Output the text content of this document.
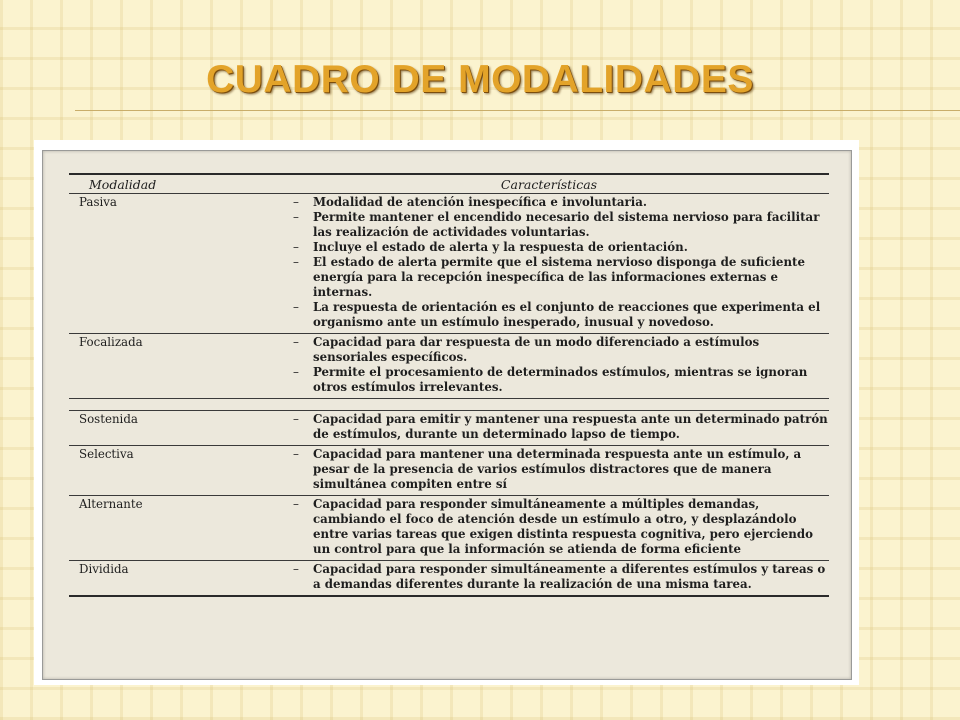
CUADRO DE MODALIDADES
Modalidad	Características
Pasiva	–	Modalidad de atención inespecífica e involuntaria.
–	Permite mantener el encendido necesario del sistema nervioso para facilitar las realización de actividades voluntarias.
–	Incluye el estado de alerta y la respuesta de orientación.
–	El estado de alerta permite que el sistema nervioso disponga de suficiente energía para la recepción inespecífica de las informaciones externas e internas.
–	La respuesta de orientación es el conjunto de reacciones que experimenta el organismo ante un estímulo inesperado, inusual y novedoso.
Focalizada	–	Capacidad para dar respuesta de un modo diferenciado a estímulos sensoriales específicos.
–	Permite el procesamiento de determinados estímulos, mientras se ignoran otros estímulos irrelevantes.
Sostenida	–	Capacidad para emitir y mantener una respuesta ante un determinado patrón de estímulos, durante un determinado lapso de tiempo.
Selectiva	–	Capacidad para mantener una determinada respuesta ante un estímulo, a pesar de la presencia de varios estímulos distractores que de manera simultánea compiten entre sí
Alternante	–	Capacidad para responder simultáneamente a múltiples demandas, cambiando el foco de atención desde un estímulo a otro, y desplazándolo entre varias tareas que exigen distinta respuesta cognitiva, pero ejerciendo un control para que la información se atienda de forma eficiente
Dividida	–	Capacidad para responder simultáneamente a diferentes estímulos y tareas o a demandas diferentes durante la realización de una misma tarea.
